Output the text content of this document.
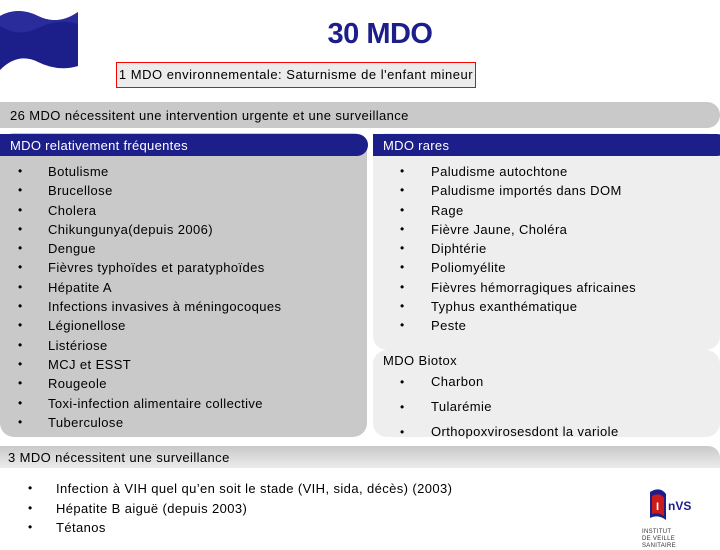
30 MDO
1 MDO environnementale: Saturnisme de l'enfant mineur
26 MDO nécessitent une intervention urgente et une surveillance
MDO relativement fréquentes	MDO rares
• Botulisme
• Brucellose
• Cholera
• Chikungunya(depuis 2006)
• Dengue
• Fièvres typhoïdes et paratyphoïdes
• Hépatite A
• Infections invasives à méningocoques
• Légionellose
• Listériose
• MCJ et ESST
• Rougeole
• Toxi-infection alimentaire collective
• Tuberculose
• Paludisme autochtone
• Paludisme importés dans DOM
• Rage
• Fièvre Jaune, Choléra
• Diphtérie
• Poliomyélite
• Fièvres hémorragiques africaines
• Typhus exanthématique
• Peste
MDO Biotox
• Charbon
• Tularémie
• Orthopoxvirosesdont la variole
3 MDO nécessitent une surveillance
• Infection à VIH quel qu’en soit le stade (VIH, sida, décès) (2003)
• Hépatite B aiguë (depuis 2003)
• Tétanos
I nVS
INSTITUT
DE VEILLE SANITAIRE
